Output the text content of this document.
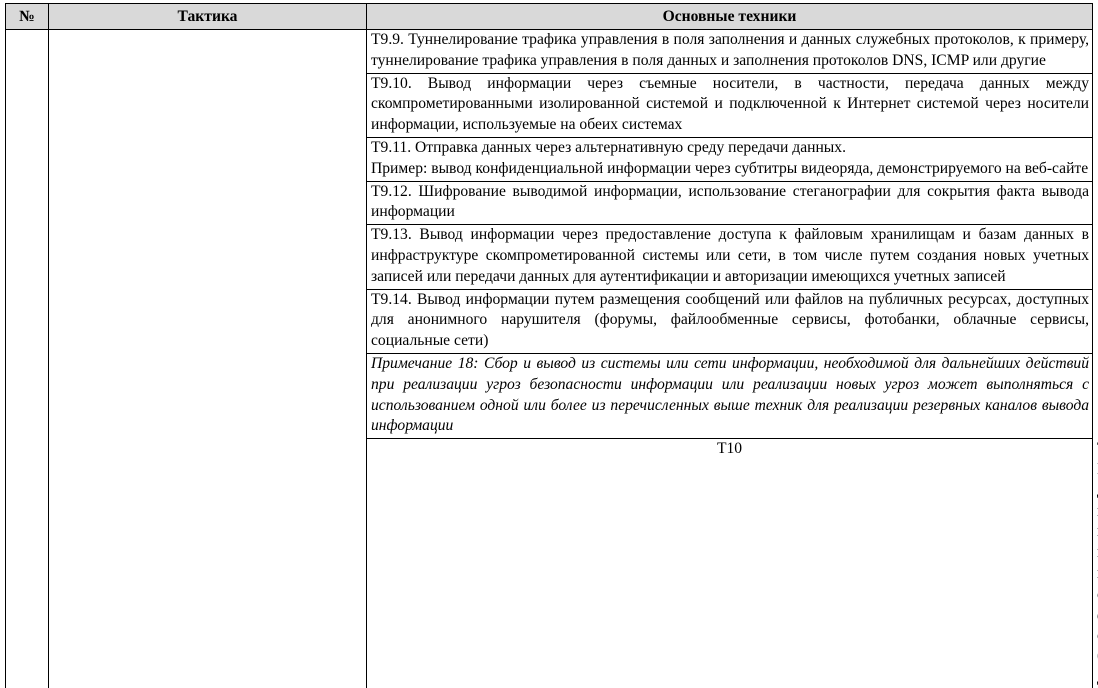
№	Тактика	Основные техники	
		Т9.9. Туннелирование трафика управления в поля заполнения и данных служебных протоколов, к примеру, туннелирование трафика управления в поля данных и заполнения протоколов DNS, ICMP или другие	
		Т9.10. Вывод информации через съемные носители, в частности, передача данных между скомпрометированными изолированной системой и подключенной к Интернет системой через носители информации, используемые на обеих системах	

		Т9.11. Отправка данных через альтернативную среду передачи данных.
Пример: вывод конфиденциальной информации через субтитры видеоряда, демонстрируемого на веб-сайте	

		Т9.12. Шифрование выводимой информации, использование стеганографии для сокрытия факта вывода информации	
		Т9.13. Вывод информации через предоставление доступа к файловым хранилищам и базам данных в инфраструктуре скомпрометированной системы или сети, в том числе путем создания новых учетных записей или передачи данных для аутентификации и авторизации имеющихся учетных записей	
		Т9.14. Вывод информации путем размещения сообщений или файлов на публичных ресурсах, доступных для анонимного нарушителя (форумы, файлообменные сервисы, фотобанки, облачные сервисы, социальные сети)	
		Примечание 18: Сбор и вывод из системы или сети информации, необходимой для дальнейших действий при реализации угроз безопасности информации или реализации новых угроз может выполняться с использованием одной или более из перечисленных выше техник для реализации резервных каналов вывода информации	
		Т10	
